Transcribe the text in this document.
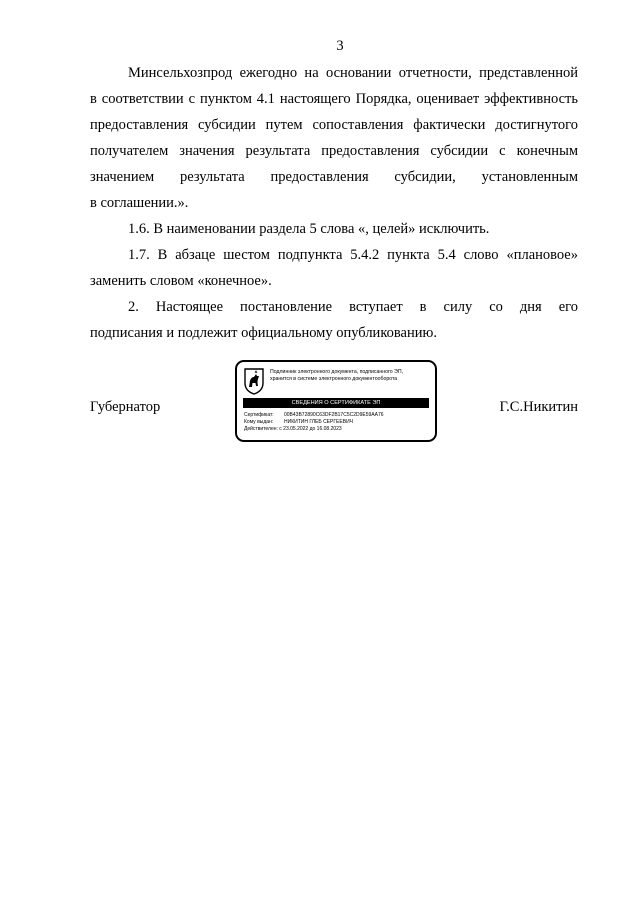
3
Минсельхозпрод ежегодно на основании отчетности, представленной
в соответствии с пунктом 4.1 настоящего Порядка, оценивает эффективность
предоставления субсидии путем сопоставления фактически достигнутого
получателем значения результата предоставления субсидии с конечным
значением результата предоставления субсидии, установленным
в соглашении.».
1.6. В наименовании раздела 5 слова «, целей» исключить.
1.7. В абзаце шестом подпункта 5.4.2 пункта 5.4 слово «плановое»
заменить словом «конечное».
2. Настоящее постановление вступает в силу со дня его
подписания и подлежит официальному опубликованию.
Губернатор
Подлинник электронного документа, подписанного ЭП,
хранится в системе электронного документооборота
СВЕДЕНИЯ О СЕРТИФИКАТЕ ЭП
Сертификат: 00B43B72890C63DF2B17C5C2D9E59AA76
Кому выдан: НИКИТИН ГЛЕБ СЕРГЕЕВИЧ
Действителен: с 23.05.2022 до 16.08.2023
Г.С.Никитин
